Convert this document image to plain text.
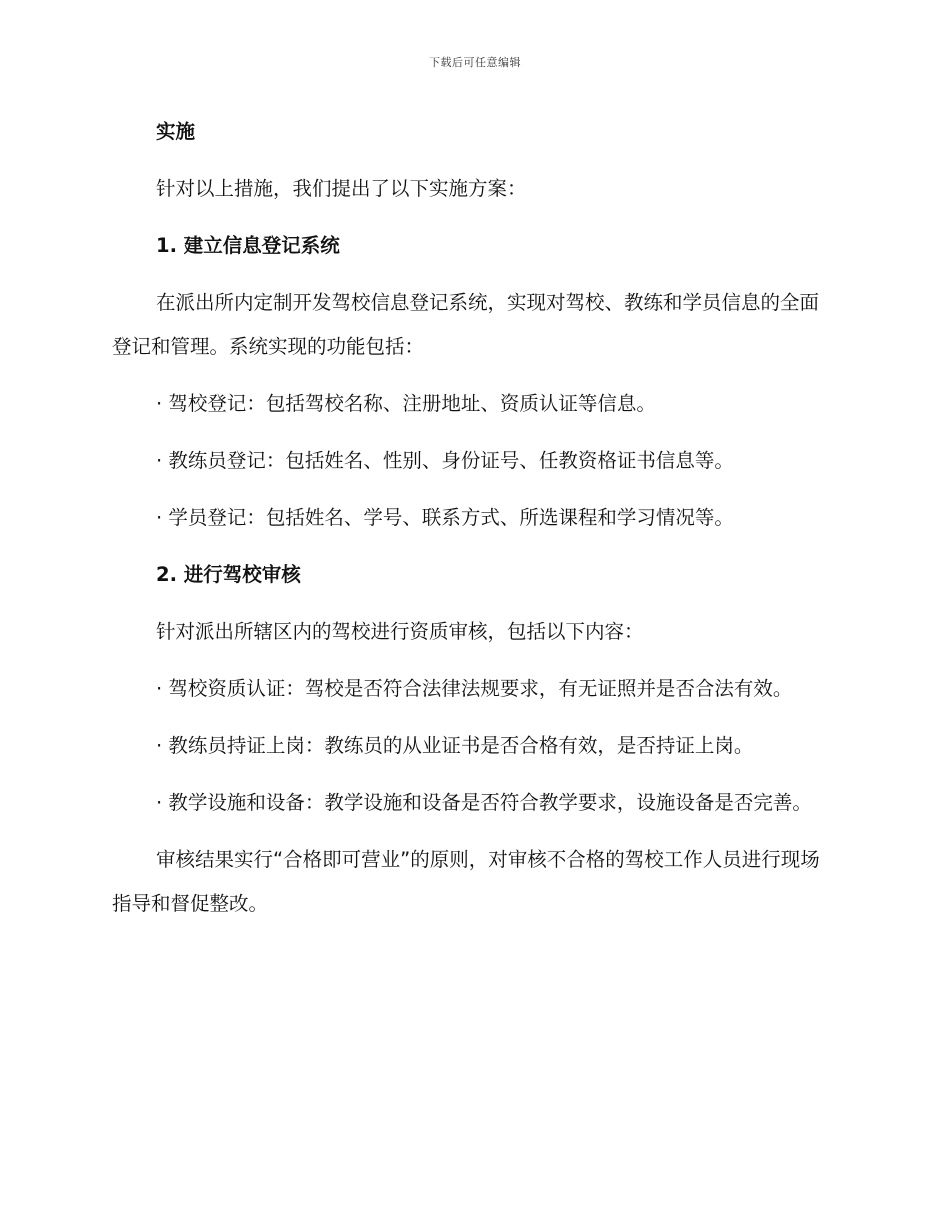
下载后可任意编辑

实施

针对以上措施，我们提出了以下实施方案：

1. 建立信息登记系统

在派出所内定制开发驾校信息登记系统，实现对驾校、教练和学员信息的全面登记和管理。系统实现的功能包括：

· 驾校登记：包括驾校名称、注册地址、资质认证等信息。

· 教练员登记：包括姓名、性别、身份证号、任教资格证书信息等。

· 学员登记：包括姓名、学号、联系方式、所选课程和学习情况等。

2. 进行驾校审核

针对派出所辖区内的驾校进行资质审核，包括以下内容：

· 驾校资质认证：驾校是否符合法律法规要求，有无证照并是否合法有效。

· 教练员持证上岗：教练员的从业证书是否合格有效，是否持证上岗。

· 教学设施和设备：教学设施和设备是否符合教学要求，设施设备是否完善。

审核结果实行“合格即可营业”的原则，对审核不合格的驾校工作人员进行现场指导和督促整改。
